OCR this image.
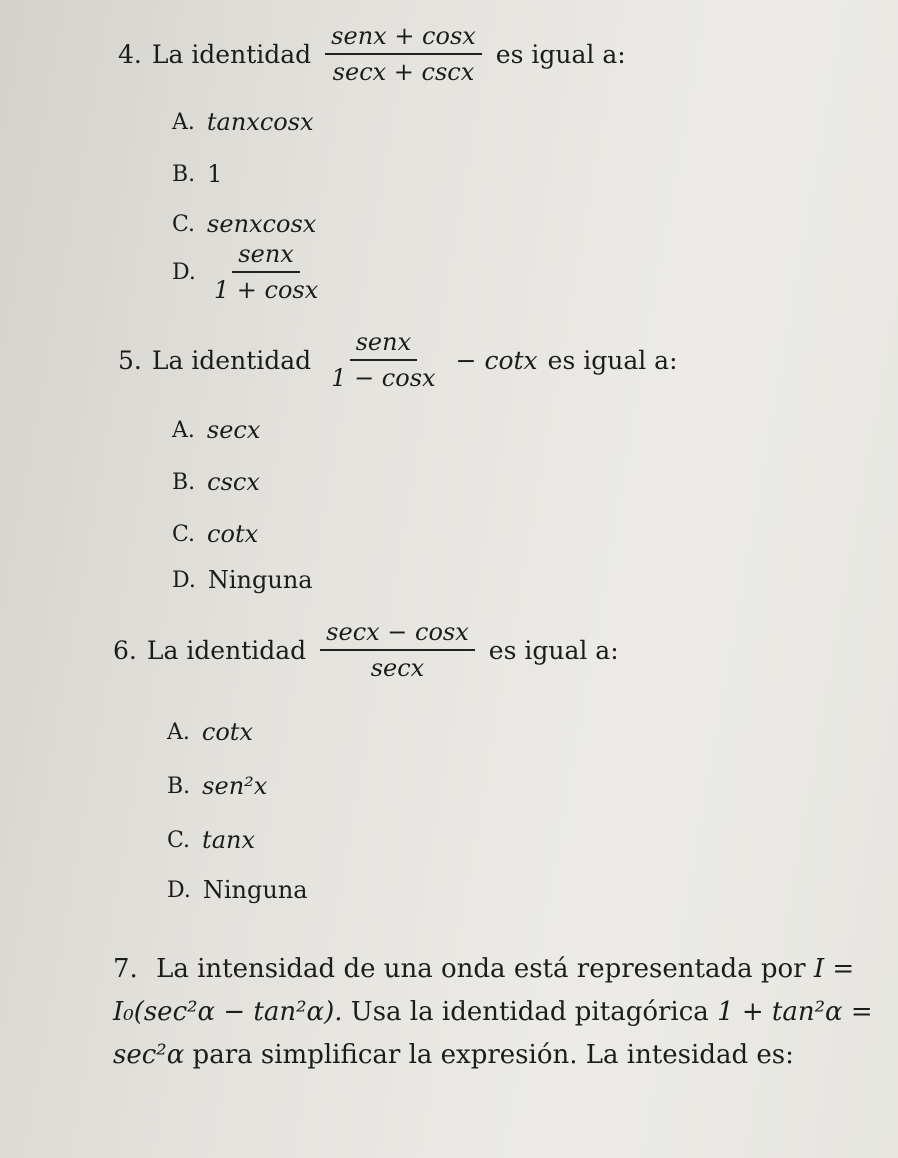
4. La identidad $\frac{\text{senx + cosx}}{\sec x + \csc x}$ es igual a:
A. tanxcosx
B. 1
C. senxcosx
D. $\frac{\text{senx}}{1 + \cos x}$
5. La identidad $\frac{\text{senx}}{1 - \cos x} - \cot x$ es igual a:
A. secx
B. cscx
C. cotx
D. Ninguna
6. La identidad $\frac{\sec x - \cos x}{\sec x}$ es igual a:
A. cotx
B. sen²x
C. tanx
D. Ninguna
7. La intensidad de una onda está representada por I = I₀(sec²α − tan²α). Usa la identidad pitagórica 1 + tan²α = sec²α para simplificar la expresión. La intesidad es:
